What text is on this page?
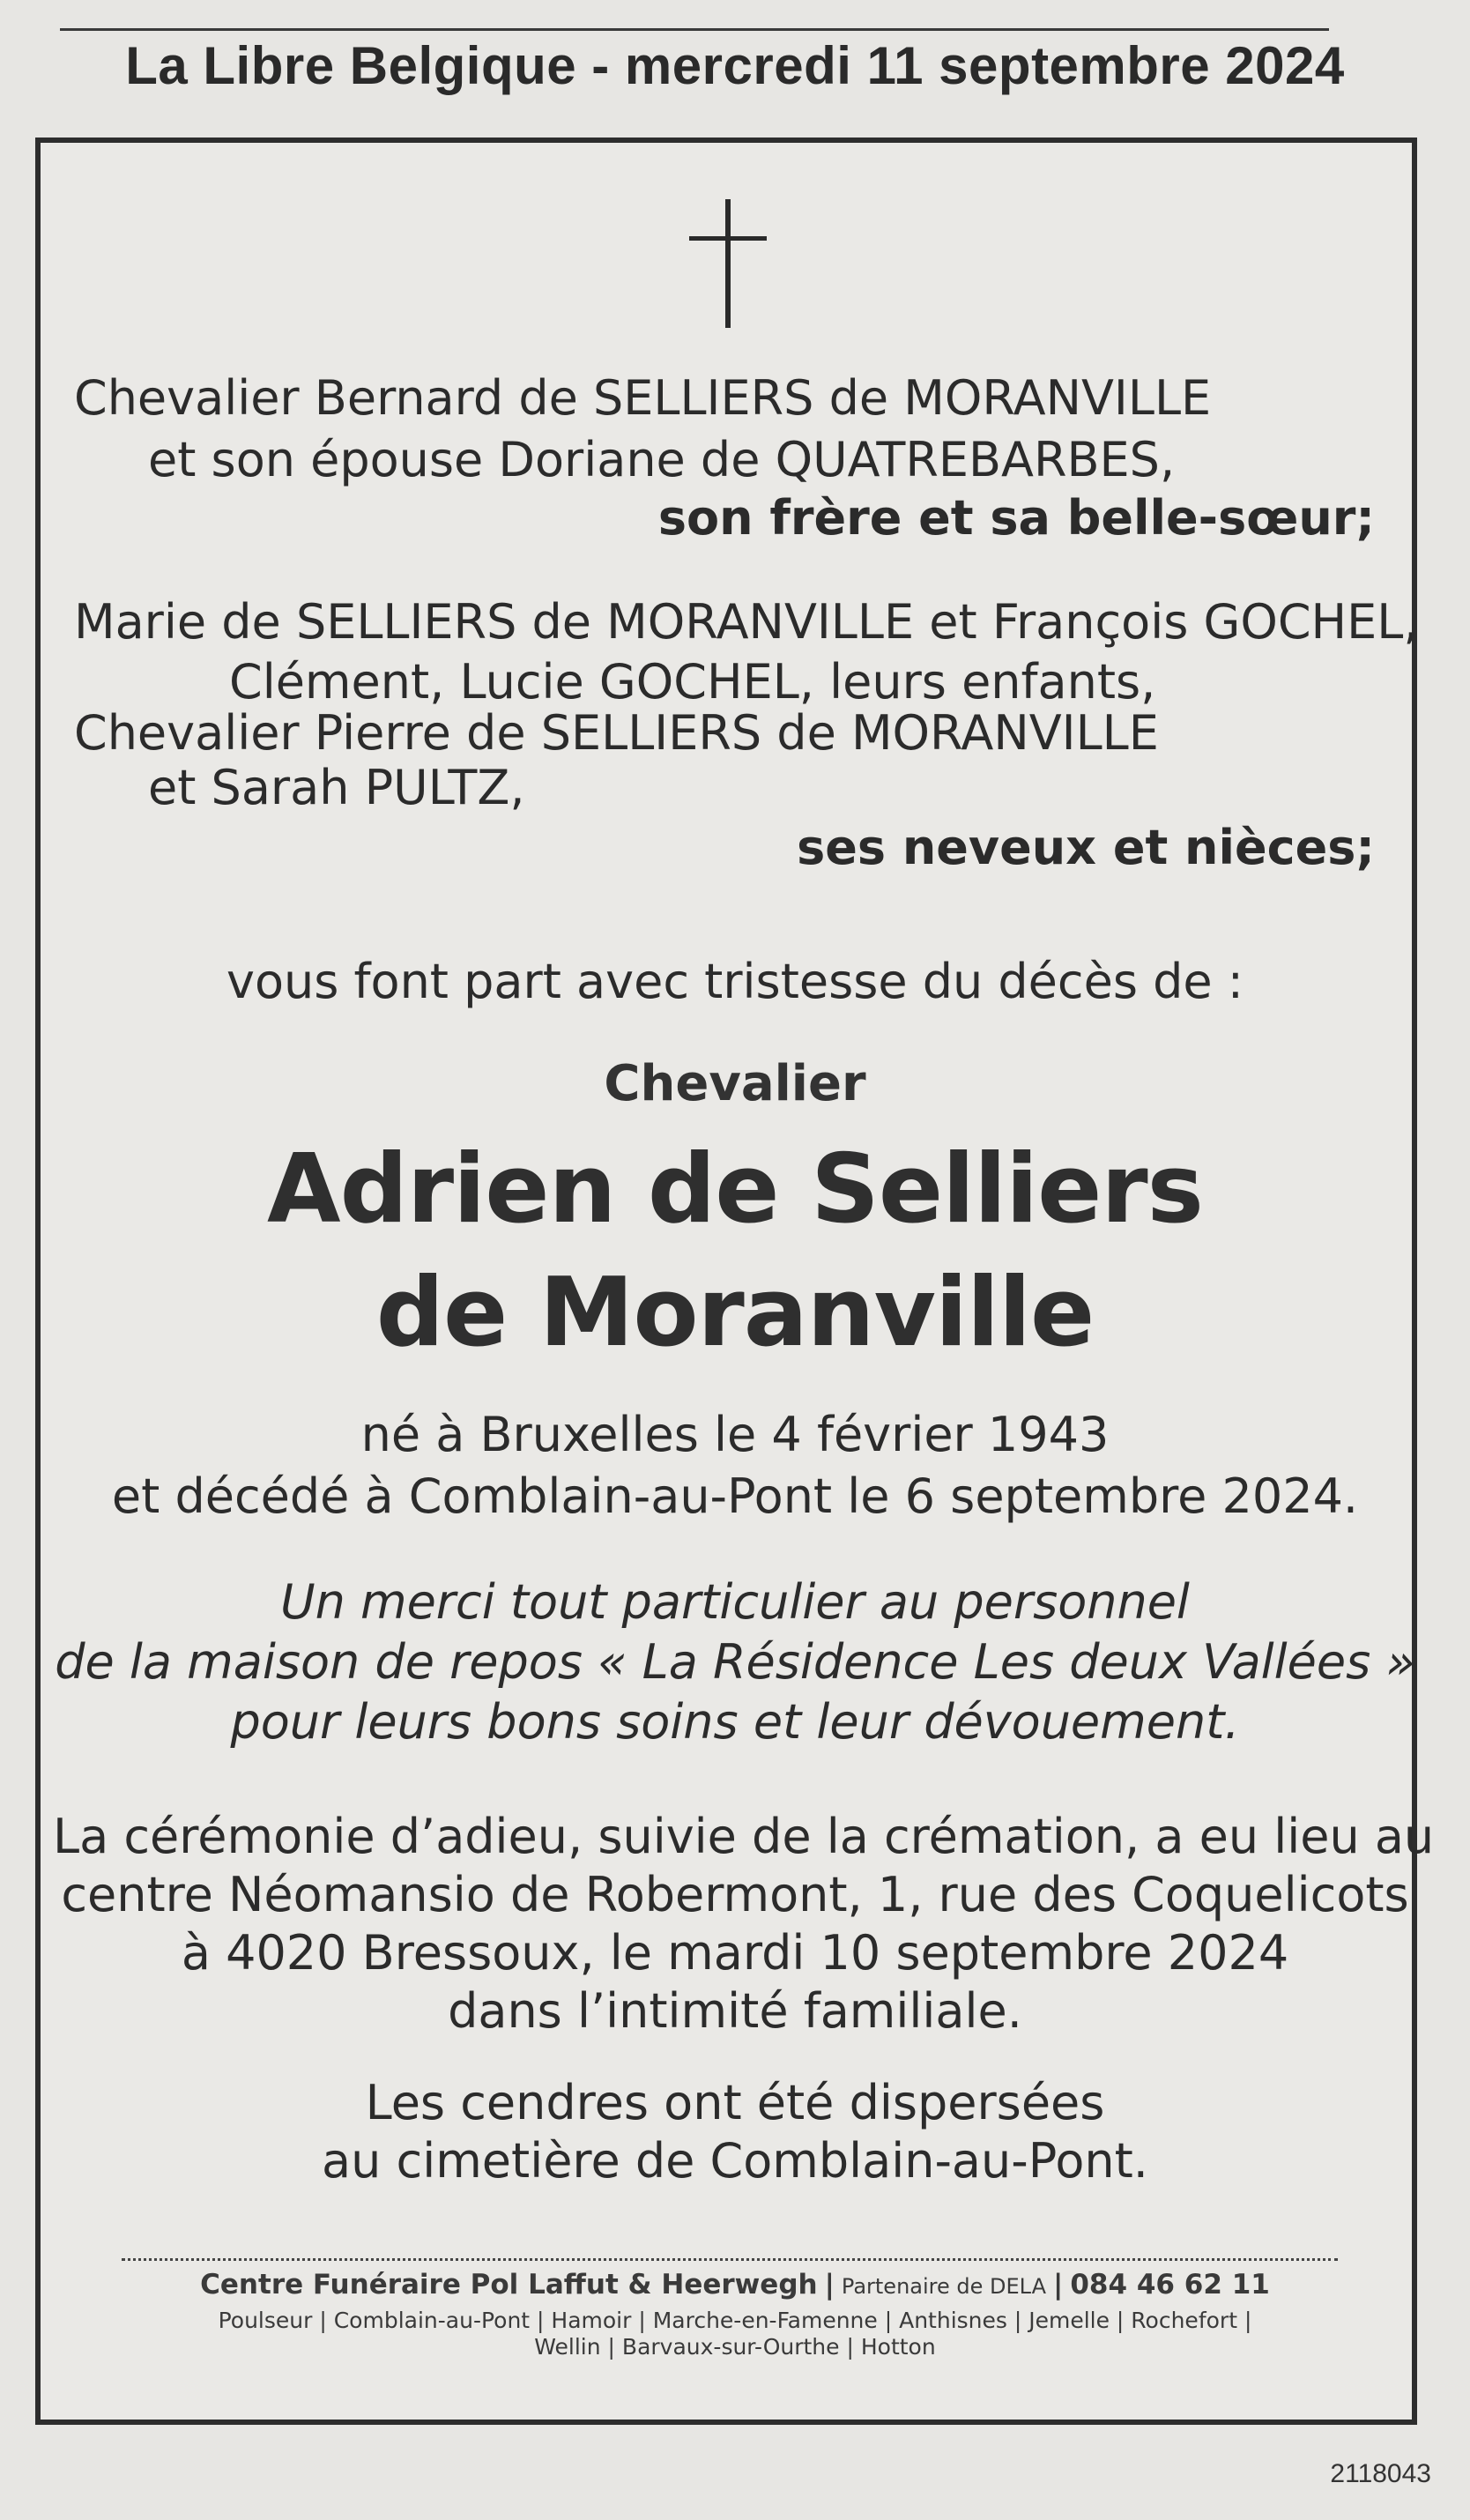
La Libre Belgique - mercredi 11 septembre 2024
Chevalier Bernard de SELLIERS de MORANVILLE
et son épouse Doriane de QUATREBARBES,
son frère et sa belle-sœur;
Marie de SELLIERS de MORANVILLE et François GOCHEL,
Clément, Lucie GOCHEL, leurs enfants,
Chevalier Pierre de SELLIERS de MORANVILLE
et Sarah PULTZ,
ses neveux et nièces;
vous font part avec tristesse du décès de :
Chevalier
Adrien de Selliers
de Moranville
né à Bruxelles le 4 février 1943
et décédé à Comblain-au-Pont le 6 septembre 2024.
Un merci tout particulier au personnel
de la maison de repos « La Résidence Les deux Vallées »
pour leurs bons soins et leur dévouement.
La cérémonie d’adieu, suivie de la crémation, a eu lieu au
centre Néomansio de Robermont, 1, rue des Coquelicots
à 4020 Bressoux, le mardi 10 septembre 2024
dans l’intimité familiale.
Les cendres ont été dispersées
au cimetière de Comblain-au-Pont.
Centre Funéraire Pol Laffut & Heerwegh | Partenaire de DELA | 084 46 62 11
Poulseur | Comblain-au-Pont | Hamoir | Marche-en-Famenne | Anthisnes | Jemelle | Rochefort |
Wellin | Barvaux-sur-Ourthe | Hotton
2118043
